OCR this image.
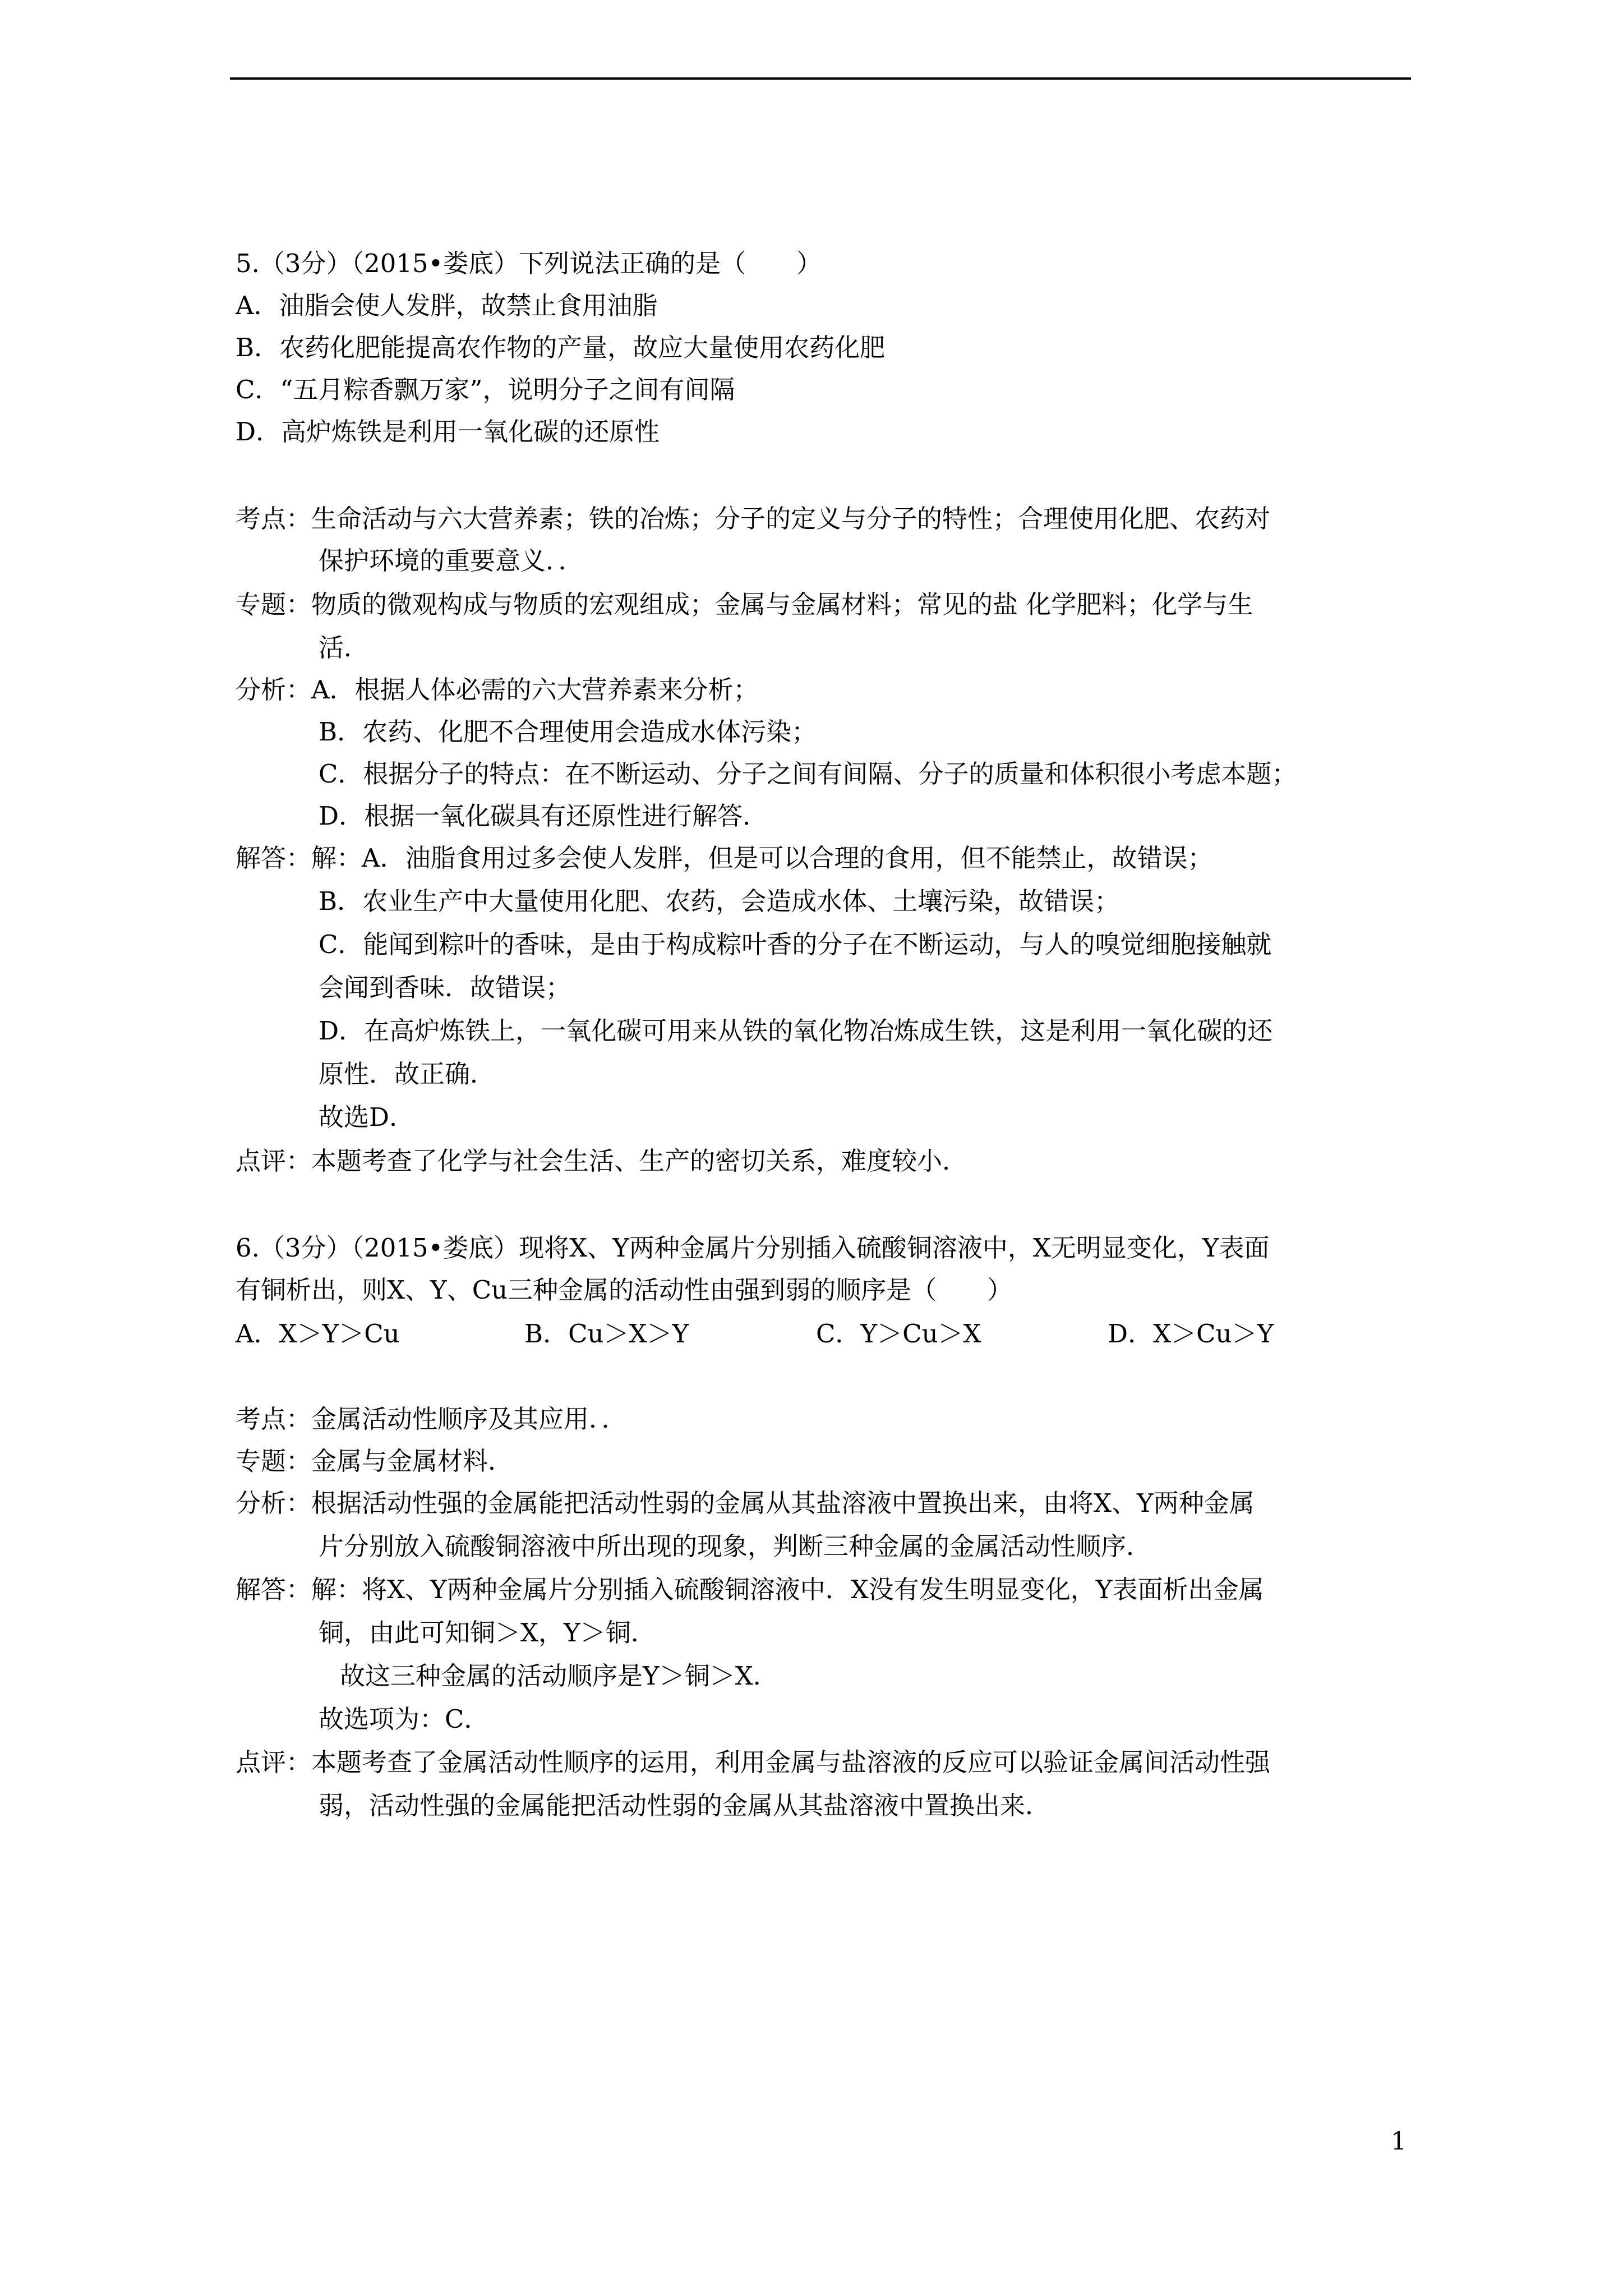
5.（3分）（2015•娄底）下列说法正确的是（　　）
A．油脂会使人发胖，故禁止食用油脂
B．农药化肥能提高农作物的产量，故应大量使用农药化肥
C．“五月粽香飘万家”，说明分子之间有间隔
D．高炉炼铁是利用一氧化碳的还原性
考点：生命活动与六大营养素；铁的冶炼；分子的定义与分子的特性；合理使用化肥、农药对
保护环境的重要意义．．
专题：物质的微观构成与物质的宏观组成；金属与金属材料；常见的盐 化学肥料；化学与生
活．
分析：A．根据人体必需的六大营养素来分析；
B．农药、化肥不合理使用会造成水体污染；
C．根据分子的特点：在不断运动、分子之间有间隔、分子的质量和体积很小考虑本题；
D．根据一氧化碳具有还原性进行解答．
解答：解：A．油脂食用过多会使人发胖，但是可以合理的食用，但不能禁止，故错误；
B．农业生产中大量使用化肥、农药，会造成水体、土壤污染，故错误；
C．能闻到粽叶的香味，是由于构成粽叶香的分子在不断运动，与人的嗅觉细胞接触就
会闻到香味．故错误；
D．在高炉炼铁上，一氧化碳可用来从铁的氧化物冶炼成生铁，这是利用一氧化碳的还
原性．故正确．
故选D．
点评：本题考查了化学与社会生活、生产的密切关系，难度较小．
6.（3分）（2015•娄底）现将X、Y两种金属片分别插入硫酸铜溶液中，X无明显变化，Y表面
有铜析出，则X、Y、Cu三种金属的活动性由强到弱的顺序是（　　）
A．X＞Y＞Cu	B．Cu＞X＞Y	C．Y＞Cu＞X	D．X＞Cu＞Y
考点：金属活动性顺序及其应用．．
专题：金属与金属材料．
分析：根据活动性强的金属能把活动性弱的金属从其盐溶液中置换出来，由将X、Y两种金属
片分别放入硫酸铜溶液中所出现的现象，判断三种金属的金属活动性顺序．
解答：解：将X、Y两种金属片分别插入硫酸铜溶液中．X没有发生明显变化，Y表面析出金属
铜，由此可知铜＞X，Y＞铜．
故这三种金属的活动顺序是Y＞铜＞X．
故选项为：C．
点评：本题考查了金属活动性顺序的运用，利用金属与盐溶液的反应可以验证金属间活动性强
弱，活动性强的金属能把活动性弱的金属从其盐溶液中置换出来．
1
